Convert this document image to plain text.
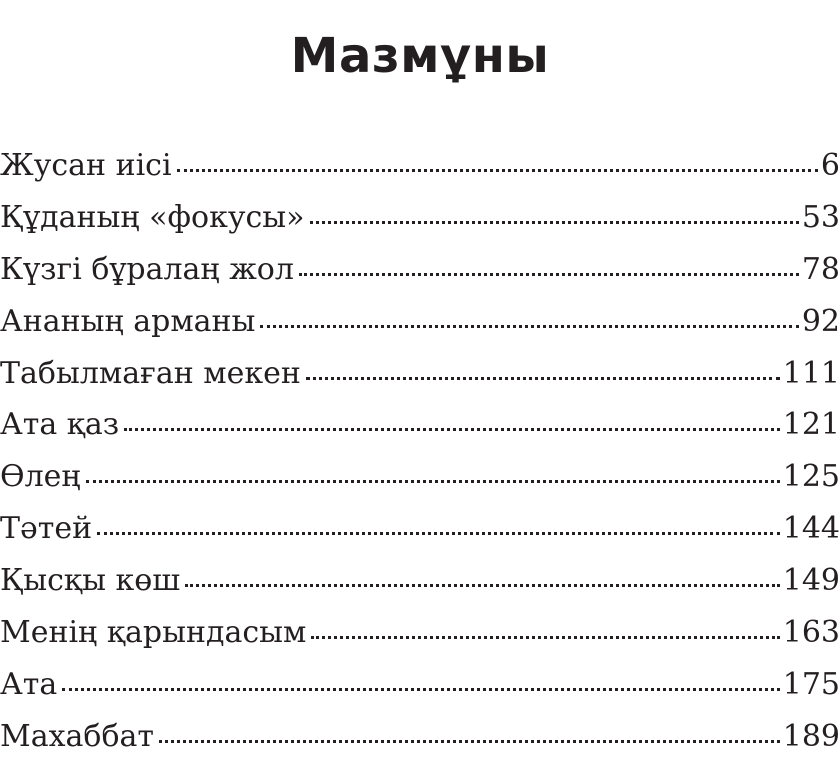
Мазмұны
Жусан иісі	6
Құданың «фокусы»	53
Күзгі бұралаң жол	78
Ананың арманы	92
Табылмаған мекен	111
Ата қаз	121
Өлең	125
Тәтей	144
Қысқы көш	149
Менің қарындасым	163
Ата	175
Махаббат	189
